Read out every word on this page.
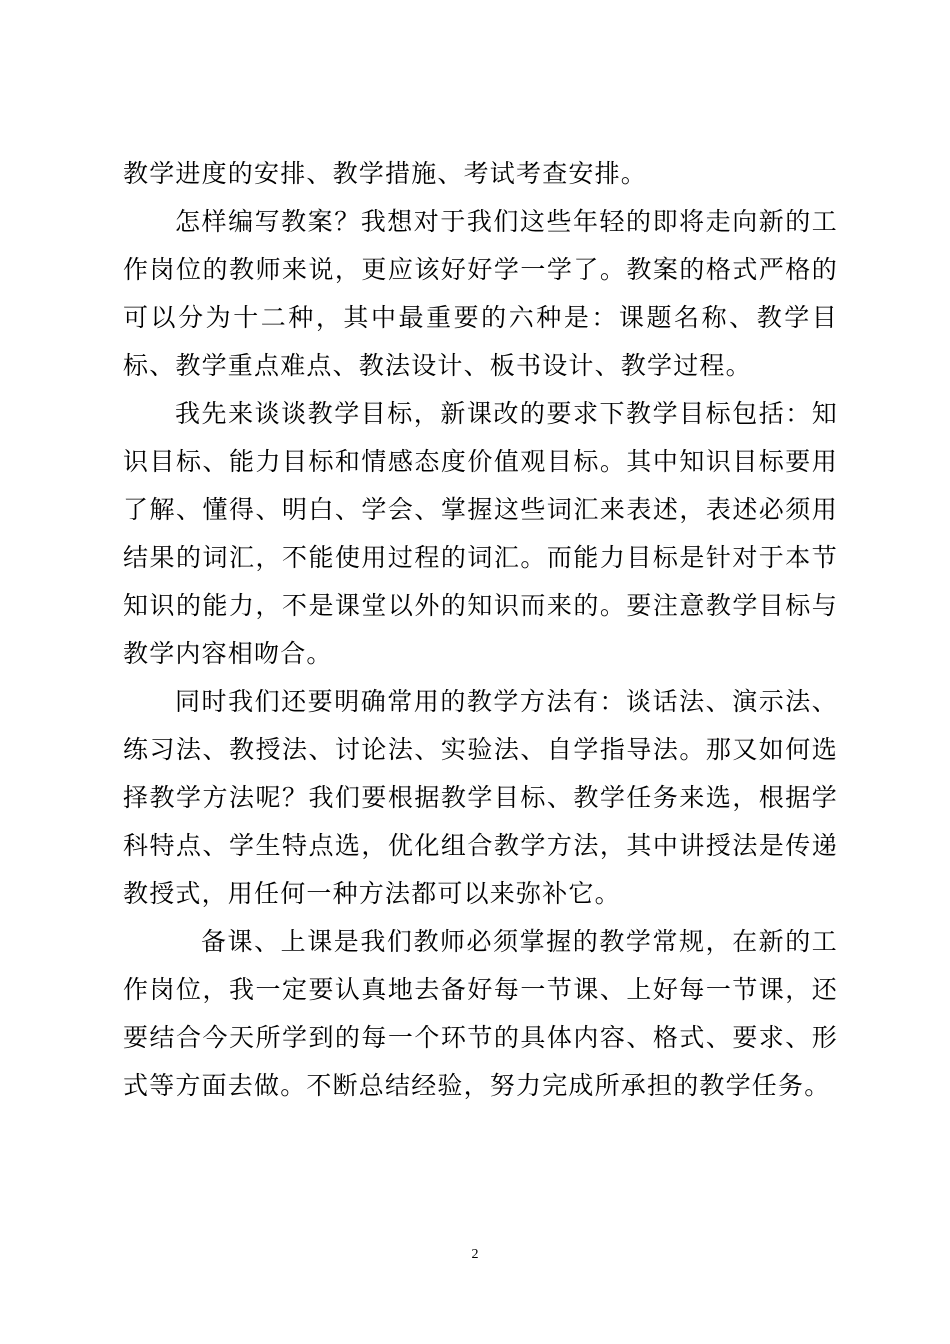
教学进度的安排、教学措施、考试考查安排。

怎样编写教案？我想对于我们这些年轻的即将走向新的工作岗位的教师来说，更应该好好学一学了。教案的格式严格的可以分为十二种，其中最重要的六种是：课题名称、教学目标、教学重点难点、教法设计、板书设计、教学过程。

我先来谈谈教学目标，新课改的要求下教学目标包括：知识目标、能力目标和情感态度价值观目标。其中知识目标要用了解、懂得、明白、学会、掌握这些词汇来表述，表述必须用结果的词汇，不能使用过程的词汇。而能力目标是针对于本节知识的能力，不是课堂以外的知识而来的。要注意教学目标与教学内容相吻合。

同时我们还要明确常用的教学方法有：谈话法、演示法、练习法、教授法、讨论法、实验法、自学指导法。那又如何选择教学方法呢？我们要根据教学目标、教学任务来选，根据学科特点、学生特点选，优化组合教学方法，其中讲授法是传递教授式，用任何一种方法都可以来弥补它。

备课、上课是我们教师必须掌握的教学常规，在新的工作岗位，我一定要认真地去备好每一节课、上好每一节课，还要结合今天所学到的每一个环节的具体内容、格式、要求、形式等方面去做。不断总结经验，努力完成所承担的教学任务。

2
